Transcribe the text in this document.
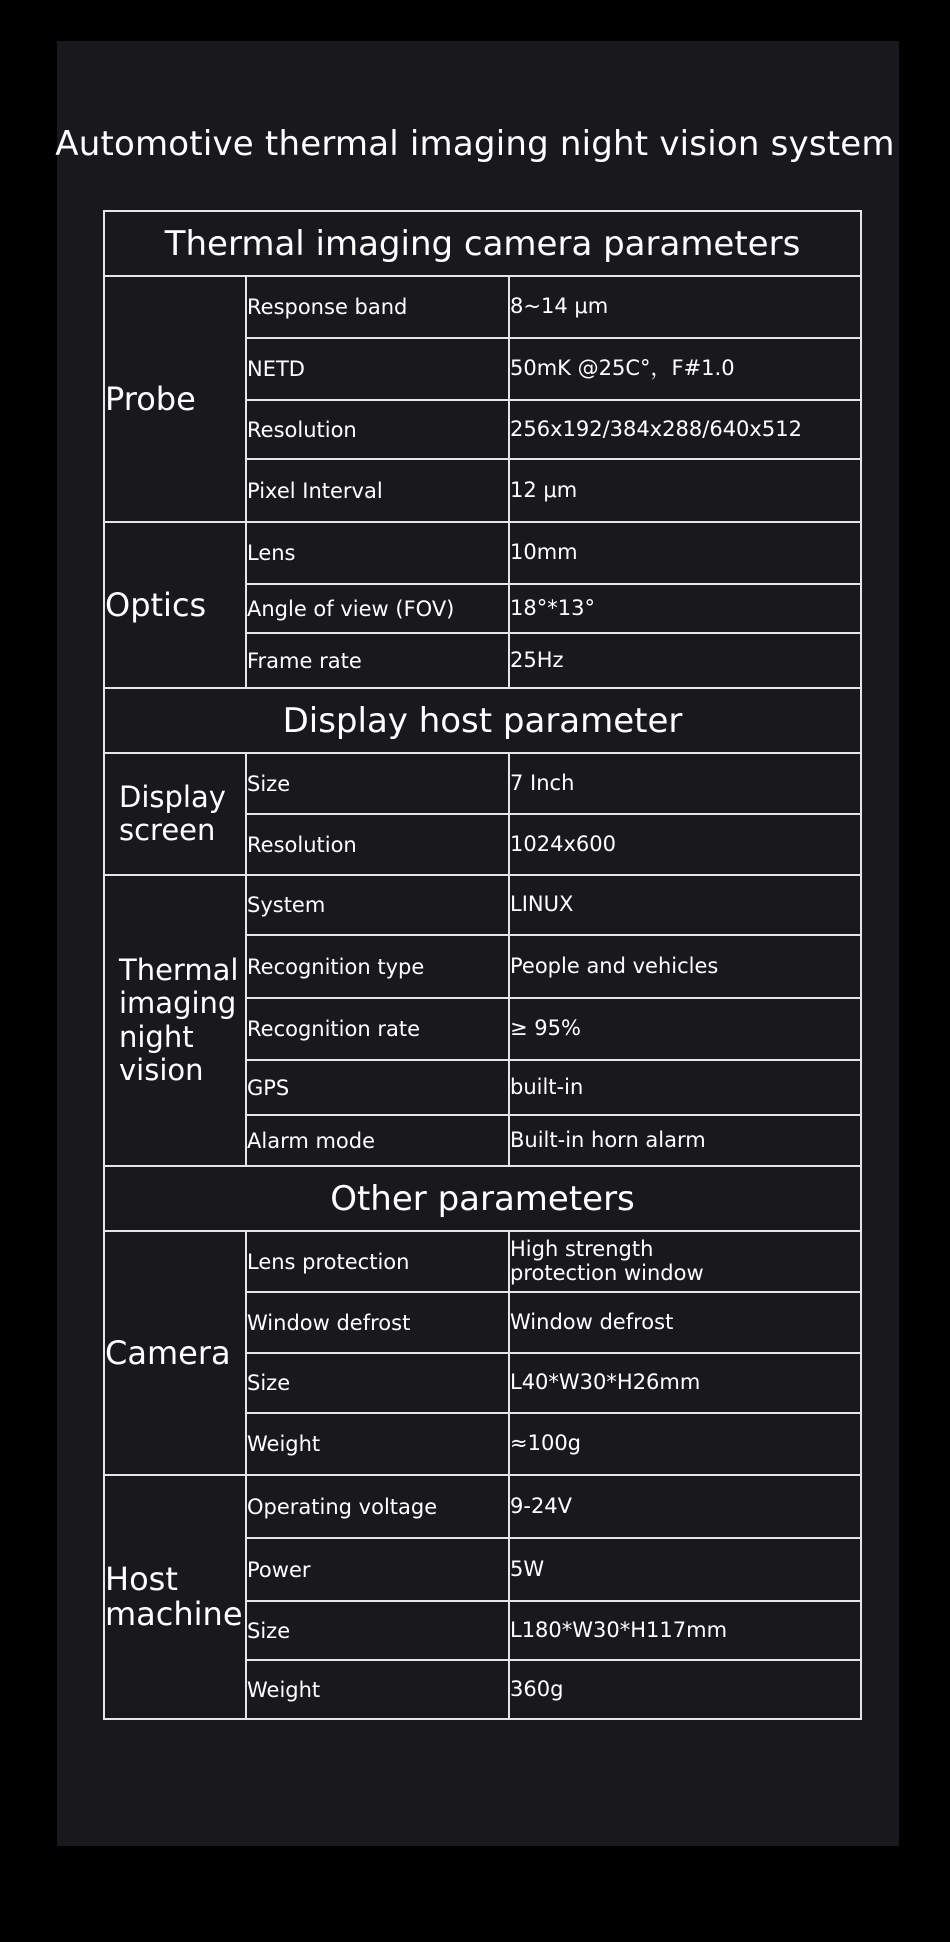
Automotive thermal imaging night vision system
Thermal imaging camera parameters		
Probe	Response band	8~14 μm
	NETD	50mK @25C°，F#1.0
	Resolution	256x192/384x288/640x512
	Pixel Interval	12 μm
Optics	Lens	10mm
	Angle of view (FOV)	18°*13°
	Frame rate	25Hz
Display host parameter		
Display screen	Size	7 Inch
	Resolution	1024x600
Thermal imaging night vision	System	LINUX
	Recognition type	People and vehicles
	Recognition rate	≥ 95%
	GPS	built-in
	Alarm mode	Built-in horn alarm
Other parameters		
Camera	Lens protection	High strength protection window
	Window defrost	Window defrost
	Size	L40*W30*H26mm
	Weight	≈100g
Host machine	Operating voltage	9-24V
	Power	5W
	Size	L180*W30*H117mm
	Weight	360g
